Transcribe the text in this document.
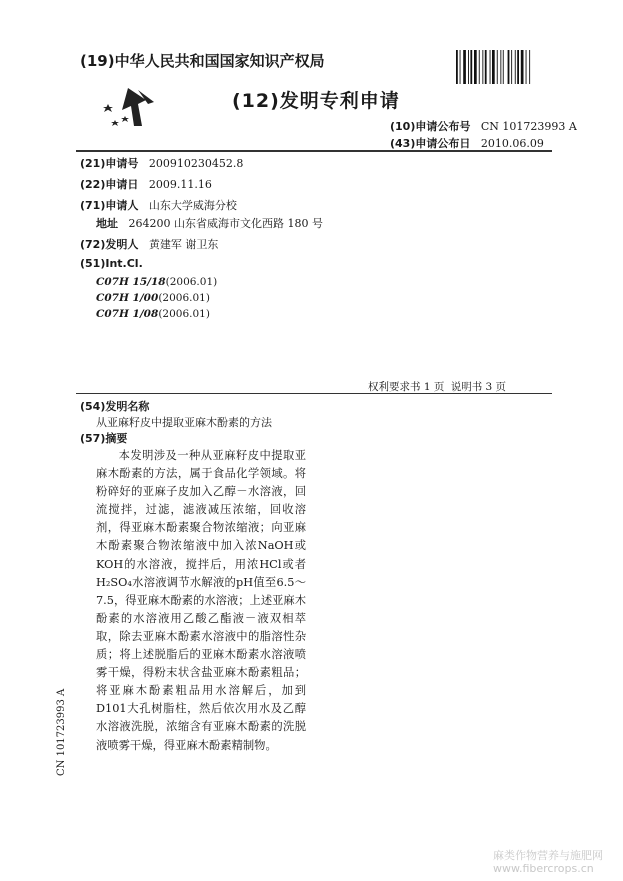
(19)中华人民共和国国家知识产权局
(12)发明专利申请
(10)申请公布号 CN 101723993 A
(43)申请公布日 2010.06.09
(21)申请号 200910230452.8
(22)申请日 2009.11.16
(71)申请人 山东大学威海分校
地址 264200 山东省威海市文化西路 180 号
(72)发明人 黄建军 谢卫东
(51)Int.Cl.
C07H 15/18(2006.01)
C07H 1/00(2006.01)
C07H 1/08(2006.01)
权利要求书 1 页 说明书 3 页
(54)发明名称
从亚麻籽皮中提取亚麻木酚素的方法
(57)摘要
本发明涉及一种从亚麻籽皮中提取亚麻木酚素的方法，属于食品化学领域。将粉碎好的亚麻子皮加入乙醇－水溶液，回流搅拌，过滤，滤液减压浓缩，回收溶剂，得亚麻木酚素聚合物浓缩液；向亚麻木酚素聚合物浓缩液中加入浓NaOH或KOH的水溶液，搅拌后，用浓HCl或者H₂SO₄水溶液调节水解液的pH值至6.5～7.5，得亚麻木酚素的水溶液；上述亚麻木酚素的水溶液用乙酸乙酯液－液双相萃取，除去亚麻木酚素水溶液中的脂溶性杂质；将上述脱脂后的亚麻木酚素水溶液喷雾干燥，得粉末状含盐亚麻木酚素粗品；将亚麻木酚素粗品用水溶解后，加到D101大孔树脂柱，然后依次用水及乙醇水溶液洗脱，浓缩含有亚麻木酚素的洗脱液喷雾干燥，得亚麻木酚素精制物。
CN 101723993 A
麻类作物营养与施肥网
www.fibercrops.cn
